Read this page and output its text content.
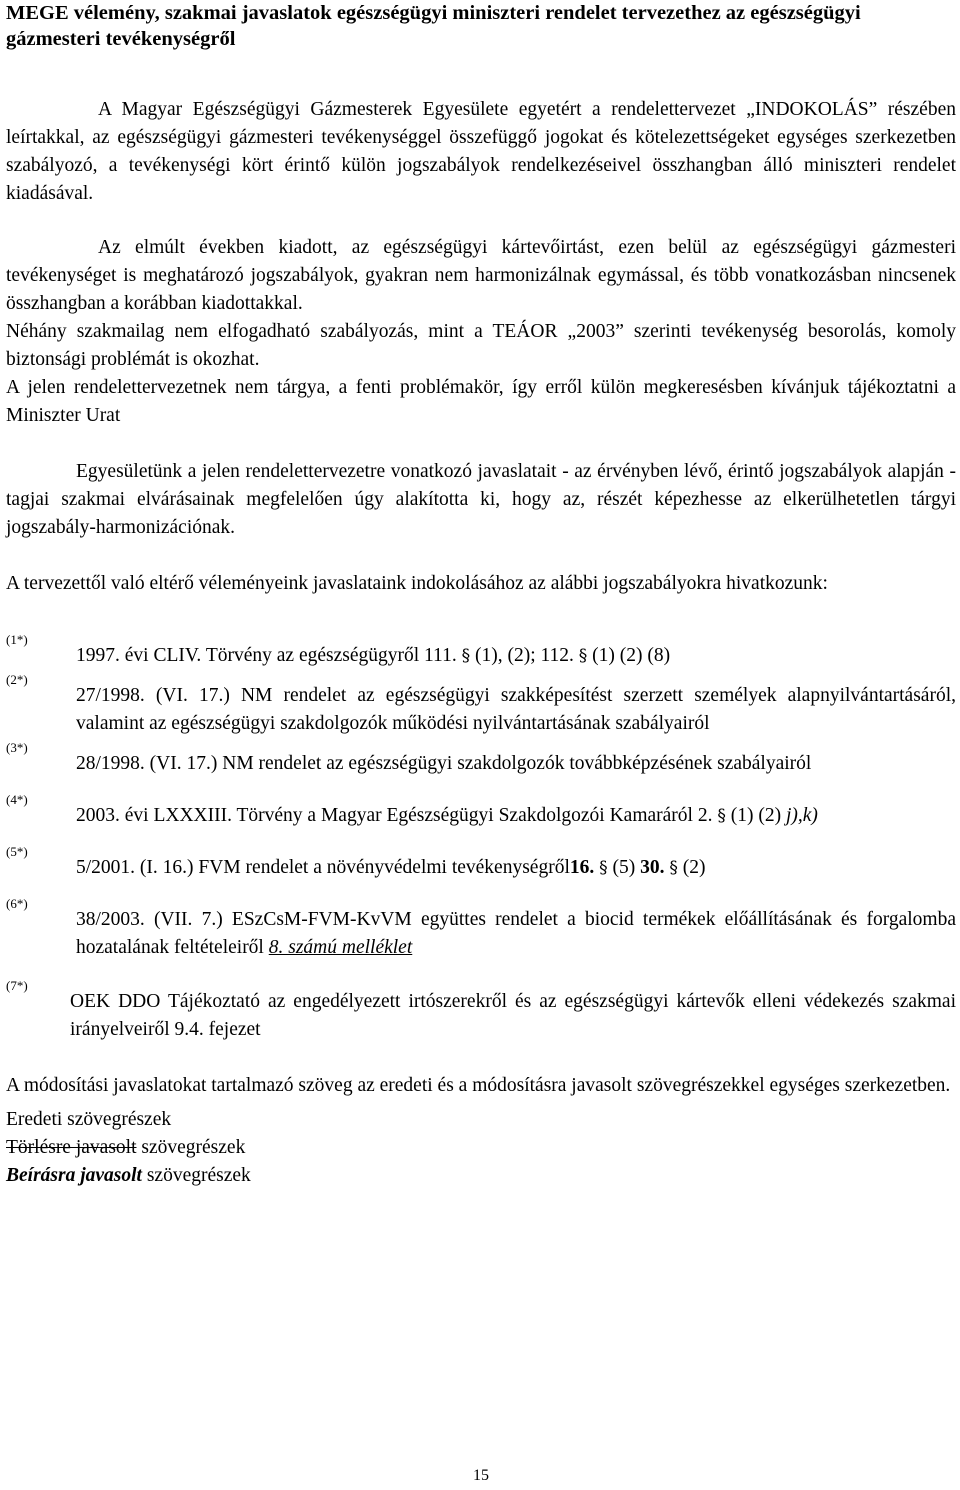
MEGE vélemény, szakmai javaslatok egészségügyi miniszteri rendelet tervezethez az egészségügyi gázmesteri tevékenységről

A Magyar Egészségügyi Gázmesterek Egyesülete egyetért a rendelettervezet „INDOKOLÁS” részében leírtakkal, az egészségügyi gázmesteri tevékenységgel összefüggő jogokat és kötelezettségeket egységes szerkezetben szabályozó, a tevékenységi kört érintő külön jogszabályok rendelkezéseivel összhangban álló miniszteri rendelet kiadásával.

Az elmúlt években kiadott, az egészségügyi kártevőirtást, ezen belül az egészségügyi gázmesteri tevékenységet is meghatározó jogszabályok, gyakran nem harmonizálnak egymással, és több vonatkozásban nincsenek összhangban a korábban kiadottakkal.

Néhány szakmailag nem elfogadható szabályozás, mint a TEÁOR „2003” szerinti tevékenység besorolás, komoly biztonsági problémát is okozhat.

A jelen rendelettervezetnek nem tárgya, a fenti problémakör, így erről külön megkeresésben kívánjuk tájékoztatni a Miniszter Urat

Egyesületünk a jelen rendelettervezetre vonatkozó javaslatait - az érvényben lévő, érintő jogszabályok alapján - tagjai szakmai elvárásainak megfelelően úgy alakította ki, hogy az, részét képezhesse az elkerülhetetlen tárgyi jogszabály-harmonizációnak.

A tervezettől való eltérő véleményeink javaslataink indokolásához az alábbi jogszabályokra hivatkozunk:

(1*)
1997. évi CLIV. Törvény az egészségügyről 111. § (1), (2); 112. § (1) (2) (8)
(2*)
27/1998. (VI. 17.) NM rendelet az egészségügyi szakképesítést szerzett személyek alapnyilvántartásáról, valamint az egészségügyi szakdolgozók működési nyilvántartásának szabályairól
(3*)
28/1998. (VI. 17.) NM rendelet az egészségügyi szakdolgozók továbbképzésének szabályairól
(4*)
2003. évi LXXXIII. Törvény a Magyar Egészségügyi Szakdolgozói Kamaráról 2. § (1) (2) j),k)
(5*)
5/2001. (I. 16.) FVM rendelet a növényvédelmi tevékenységről16. § (5) 30. § (2)
(6*)
38/2003. (VII. 7.) ESzCsM-FVM-KvVM együttes rendelet a biocid termékek előállításának és forgalomba hozatalának feltételeiről 8. számú melléklet
(7*)
OEK DDO Tájékoztató az engedélyezett irtószerekről és az egészségügyi kártevők elleni védekezés szakmai irányelveiről 9.4. fejezet

A módosítási javaslatokat tartalmazó szöveg az eredeti és a módosításra javasolt szövegrészekkel egységes szerkezetben.

Eredeti szövegrészek
Törlésre javasolt szövegrészek
Beírásra javasolt szövegrészek
15
